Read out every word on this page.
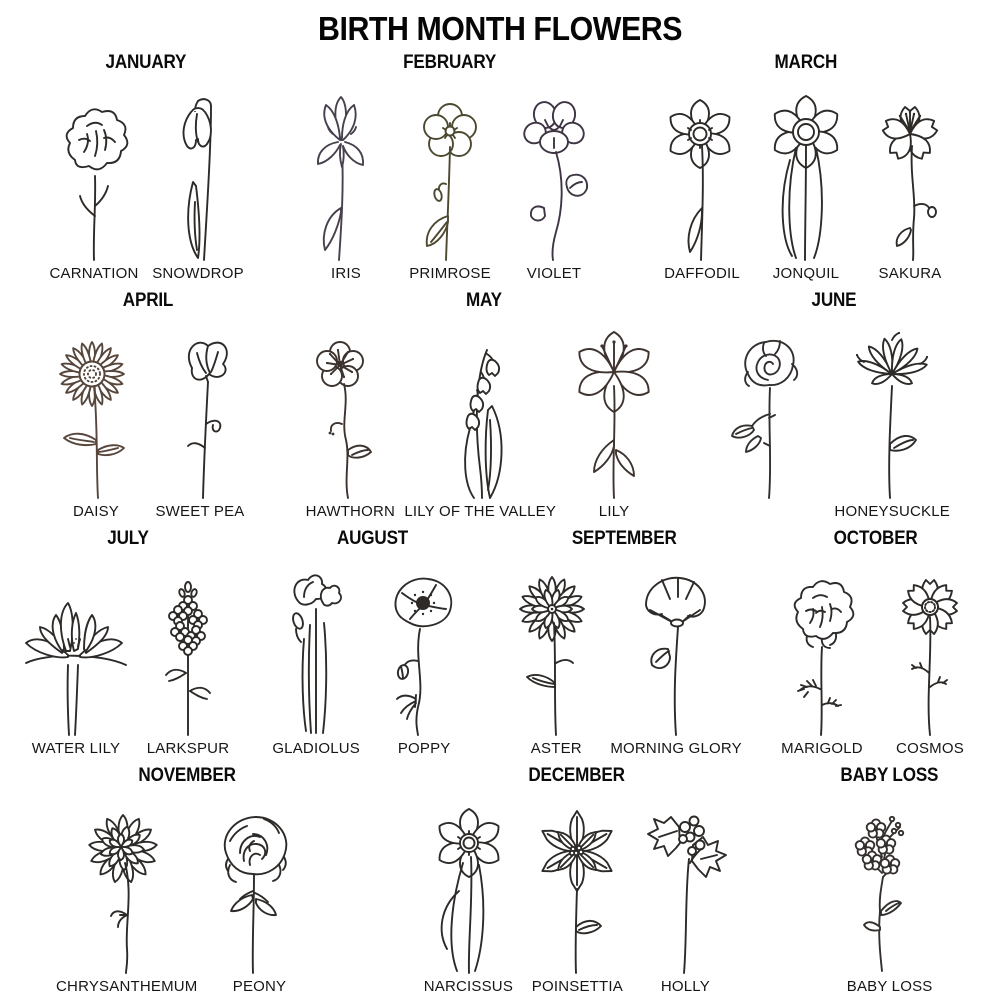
BIRTH MONTH FLOWERS
JANUARY
CARNATION SNOWDROP
FEBRUARY
IRIS	PRIMROSE VIOLET
MARCH
DAFFODIL JONQUIL	SAKURA
APRIL
DAISY SWEET PEA
MAY
HAWTHORN LILY OF THE VALLEY	LILY
JUNE
HONEYSUCKLE
JULY
WATER LILY LARKSPUR
AUGUST
GLADIOLUS	POPPY
SEPTEMBER
ASTER MORNING GLORY
OCTOBER
MARIGOLD COSMOS
NOVEMBER
CHRYSANTHEMUM PEONY
DECEMBER
NARCISSUS POINSETTIA	HOLLY
BABY LOSS
BABY LOSS
